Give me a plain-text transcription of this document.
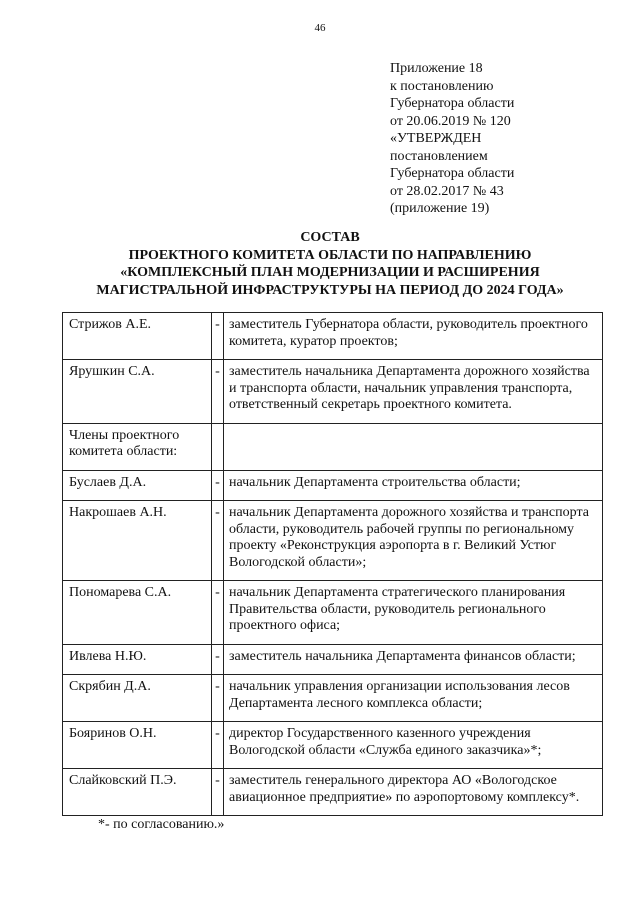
46
Приложение 18
к постановлению
Губернатора области
от 20.06.2019 № 120
«УТВЕРЖДЕН
постановлением
Губернатора области
от 28.02.2017 № 43
(приложение 19)
СОСТАВ
ПРОЕКТНОГО КОМИТЕТА ОБЛАСТИ ПО НАПРАВЛЕНИЮ
«КОМПЛЕКСНЫЙ ПЛАН МОДЕРНИЗАЦИИ И РАСШИРЕНИЯ
МАГИСТРАЛЬНОЙ ИНФРАСТРУКТУРЫ НА ПЕРИОД ДО 2024 ГОДА»
Стрижов А.Е.	-	заместитель Губернатора области, руководитель проектного комитета, куратор проектов;
Ярушкин С.А.	-	заместитель начальника Департамента дорожного хозяйства и транспорта области, начальник управления транспорта, ответственный секретарь проектного комитета.
Члены проектного комитета области:		
Буслаев Д.А.	-	начальник Департамента строительства области;
Накрошаев А.Н.	-	начальник Департамента дорожного хозяйства и транспорта области, руководитель рабочей группы по региональному проекту «Реконструкция аэропорта в г. Великий Устюг Вологодской области»;
Пономарева С.А.	-	начальник Департамента стратегического планирования Правительства области, руководитель регионального проектного офиса;
Ивлева Н.Ю.	-	заместитель начальника Департамента финансов области;
Скрябин Д.А.	-	начальник управления организации использования лесов Департамента лесного комплекса области;
Бояринов О.Н.	-	директор Государственного казенного учреждения Вологодской области «Служба единого заказчика»*;
Слайковский П.Э.	-	заместитель генерального директора АО «Вологодское авиационное предприятие» по аэропортовому комплексу*.
*- по согласованию.»
